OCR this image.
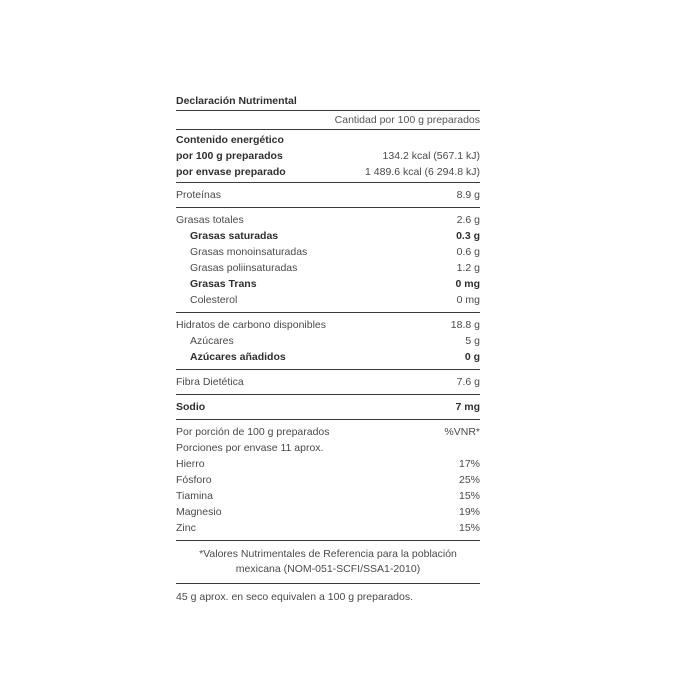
Declaración Nutrimental
Cantidad por 100 g preparados
Contenido energético
por 100 g preparados	134.2 kcal (567.1 kJ)
por envase preparado	1 489.6 kcal (6 294.8 kJ)
Proteínas	8.9 g
Grasas totales	2.6 g
Grasas saturadas	0.3 g
Grasas monoinsaturadas	0.6 g
Grasas poliinsaturadas	1.2 g
Grasas Trans	0 mg
Colesterol	0 mg
Hidratos de carbono disponibles	18.8 g
Azúcares	5 g
Azúcares añadidos	0 g
Fibra Dietética	7.6 g
Sodio	7 mg
Por porción de 100 g preparados	%VNR*
Porciones por envase 11 aprox.
Hierro	17%
Fósforo	25%
Tiamina	15%
Magnesio	19%
Zinc	15%
*Valores Nutrimentales de Referencia para la población
mexicana (NOM-051-SCFI/SSA1-2010)
45 g aprox. en seco equivalen a 100 g preparados.
